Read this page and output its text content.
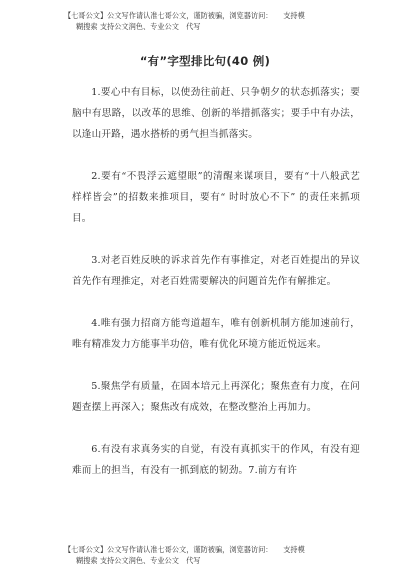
【七哥公文】公文写作请认准七哥公文，谨防被骗，浏览器访问：　　支持模
糊搜索 支持公文润色、专业公文　代写
“有”字型排比句(40 例)

1.要心中有目标，以使劲往前赶、只争朝夕的状态抓落实；要脑中有思路，以改革的思维、创新的举措抓落实；要手中有办法， 以逢山开路，遇水搭桥的勇气担当抓落实。

2.要有“不畏浮云遮望眼”的清醒来谋项目，要有“十八般武艺样样皆会”的招数来推项目，要有“ 时时放心不下” 的责任来抓项目。

3.对老百姓反映的诉求首先作有事推定，对老百姓提出的异议首先作有理推定，对老百姓需要解决的问题首先作有解推定。

4.唯有强力招商方能弯道超车，唯有创新机制方能加速前行，唯有精准发力方能事半功倍，唯有优化环境方能近悦远来。

5.聚焦学有质量，在固本培元上再深化；聚焦查有力度，在问题查摆上再深入；聚焦改有成效，在整改整治上再加力。

6.有没有求真务实的自觉，有没有真抓实干的作风，有没有迎难而上的担当，有没有一抓到底的韧劲。7.前方有许

【七哥公文】公文写作请认准七哥公文，谨防被骗，浏览器访问：　　支持模
糊搜索 支持公文润色、专业公文　代写
